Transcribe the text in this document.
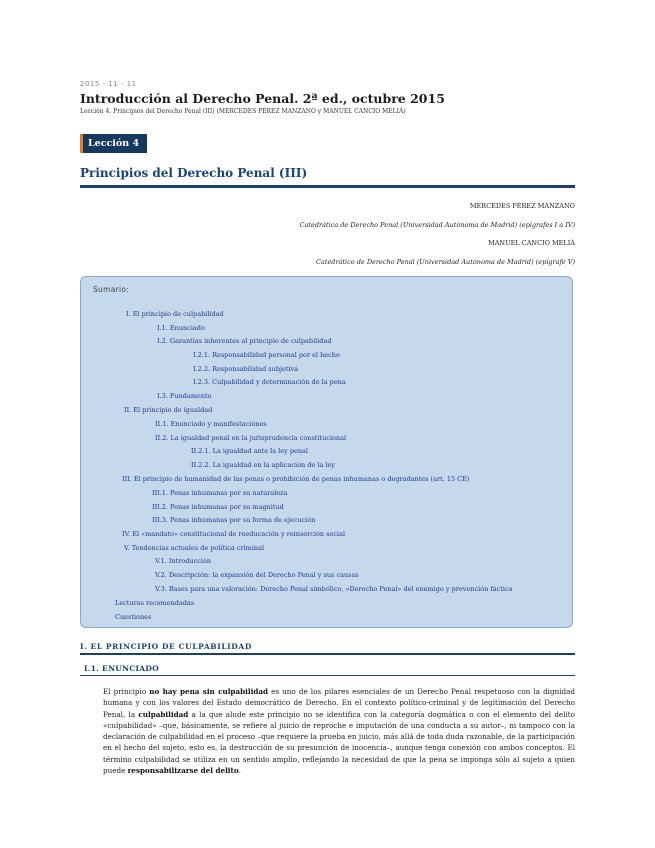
2015 - 11 - 11
Introducción al Derecho Penal. 2ª ed., octubre 2015
Lección 4. Principios del Derecho Penal (III) (MERCEDES PÉREZ MANZANO y MANUEL CANCIO MELIÁ)
Lección 4
Principios del Derecho Penal (III)
MERCEDES PÉREZ MANZANO
Catedrática de Derecho Penal (Universidad Autónoma de Madrid) (epígrafes I a IV)
MANUEL CANCIO MELIÁ
Catedrático de Derecho Penal (Universidad Autónoma de Madrid) (epígrafe V)
Sumario:
I. El principio de culpabilidad
I.1. Enunciado
I.2. Garantías inherentes al principio de culpabilidad
I.2.1. Responsabilidad personal por el hecho
I.2.2. Responsabilidad subjetiva
I.2.3. Culpabilidad y determinación de la pena
I.3. Fundamento
II. El principio de igualdad
II.1. Enunciado y manifestaciones
II.2. La igualdad penal en la jurisprudencia constitucional
II.2.1. La igualdad ante la ley penal
II.2.2. La igualdad en la aplicación de la ley
III. El principio de humanidad de las penas o prohibición de penas inhumanas o degradantes (art. 15 CE)
III.1. Penas inhumanas por su naturaleza
III.2. Penas inhumanas por su magnitud
III.3. Penas inhumanas por su forma de ejecución
IV. El «mandato» constitucional de reeducación y reinserción social
V. Tendencias actuales de política criminal
V.1. Introducción
V.2. Descripción: la expansión del Derecho Penal y sus causas
V.3. Bases para una valoración: Derecho Penal simbólico, «Derecho Penal» del enemigo y prevención fáctica
Lecturas recomendadas
Cuestiones
I. EL PRINCIPIO DE CULPABILIDAD
I.1. ENUNCIADO
El principio no hay pena sin culpabilidad es uno de los pilares esenciales de un Derecho Penal respetuoso con la dignidad humana y con los valores del Estado democrático de Derecho. En el contexto político-criminal y de legitimación del Derecho Penal, la culpabilidad a la que alude este principio no se identifica con la categoría dogmática o con el elemento del delito «culpabilidad» –que, básicamente, se refiere al juicio de reproche e imputación de una conducta a su autor–, ni tampoco con la declaración de culpabilidad en el proceso –que requiere la prueba en juicio, más allá de toda duda razonable, de la participación en el hecho del sujeto, esto es, la destrucción de su presunción de inocencia–, aunque tenga conexión con ambos conceptos. El término culpabilidad se utiliza en un sentido amplio, reflejando la necesidad de que la pena se imponga sólo al sujeto a quien puede responsabilizarse del delito.
